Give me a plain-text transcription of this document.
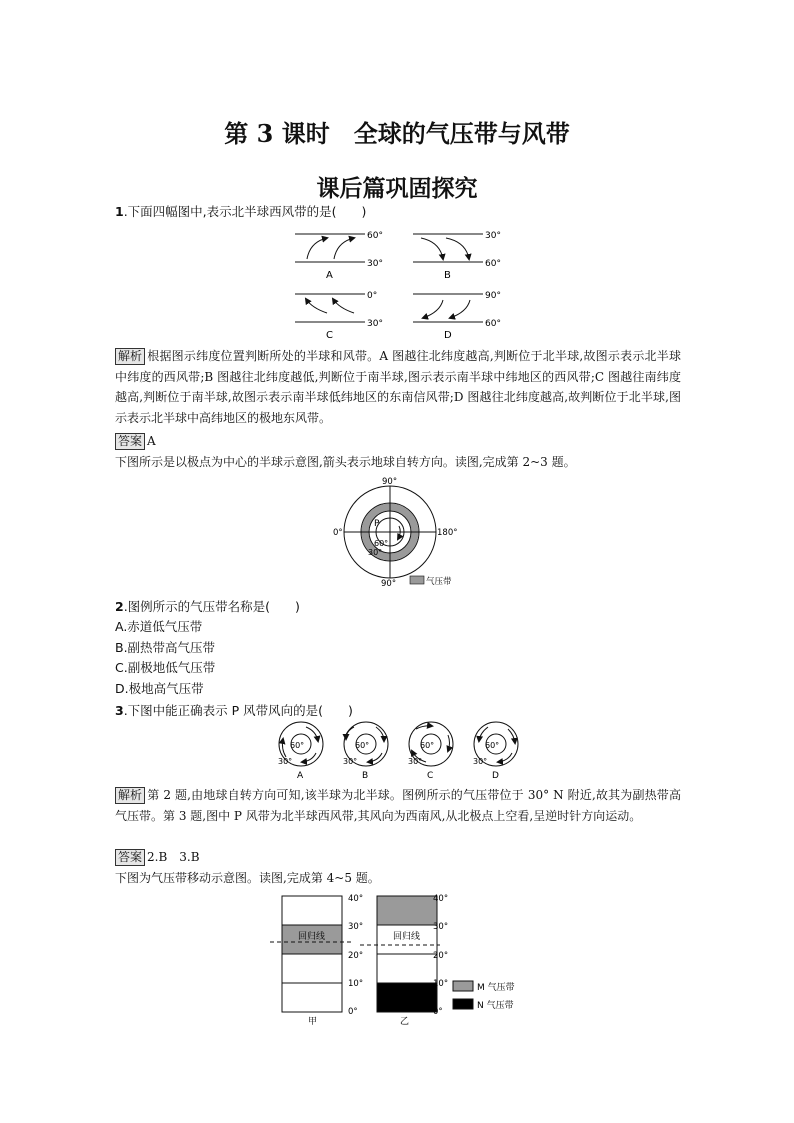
第 3 课时　全球的气压带与风带
课后篇巩固探究
1.下面四幅图中,表示北半球西风带的是(　　)
60°
30°
A
30°
60°
B
0°
30°
C
90°
60°
D
解析 根据图示纬度位置判断所处的半球和风带。A 图越往北纬度越高,判断位于北半球,故图示表示北半球中纬度的西风带;B 图越往北纬度越低,判断位于南半球,图示表示南半球中纬地区的西风带;C 图越往南纬度越高,判断位于南半球,故图示表示南半球低纬地区的东南信风带;D 图越往北纬度越高,故判断位于北半球,图示表示北半球中高纬地区的极地东风带。
答案 A
下图所示是以极点为中心的半球示意图,箭头表示地球自转方向。读图,完成第 2~3 题。
90°
90°
0°	180°
P
60°
30°
气压带
2.图例所示的气压带名称是(　　)
A.赤道低气压带
B.副热带高气压带
C.副极地低气压带
D.极地高气压带
3.下图中能正确表示 P 风带风向的是(　　)
60°
30°
A
60°
30°
B
60°
30°
C
60°
30°
D
解析 第 2 题,由地球自转方向可知,该半球为北半球。图例所示的气压带位于 30° N 附近,故其为副热带高气压带。第 3 题,图中 P 风带为北半球西风带,其风向为西南风,从北极点上空看,呈逆时针方向运动。
答案 2.B　3.B
下图为气压带移动示意图。读图,完成第 4~5 题。
回归线
40°
30°
20°
10°
0°
甲
回归线
40°
30°
20°
10°
0°
乙
M 气压带
N 气压带
